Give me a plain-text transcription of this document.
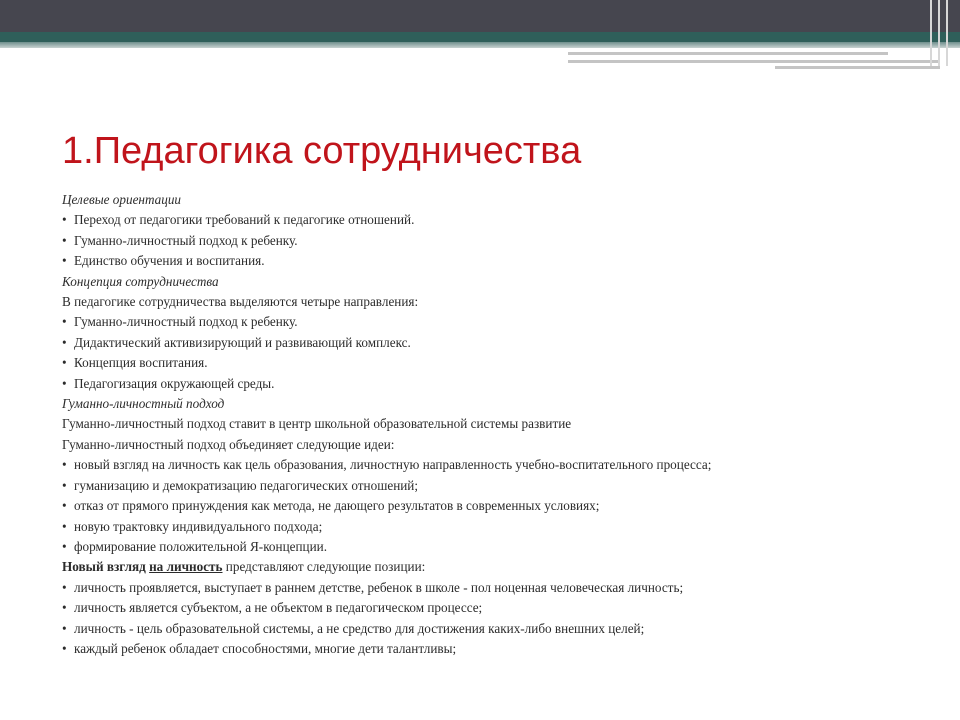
1.Педагогика сотрудничества
Целевые ориентации
• Переход от педагогики требований к педагогике отношений.
• Гуманно-личностный подход к ребенку.
• Единство обучения и воспитания.
Концепция сотрудничества
В педагогике сотрудничества выделяются четыре направления:
• Гуманно-личностный подход к ребенку.
• Дидактический активизирующий и развивающий комплекс.
• Концепция воспитания.
• Педагогизация окружающей среды.
Гуманно-личностный подход
Гуманно-личностный подход ставит в центр школьной образовательной системы развитие
Гуманно-личностный подход объединяет следующие идеи:
• новый взгляд на личность как цель образования, личностную направленность учебно-воспитательного процесса;
• гуманизацию и демократизацию педагогических отношений;
• отказ от прямого принуждения как метода, не дающего результатов в современных условиях;
• новую трактовку индивидуального подхода;
• формирование положительной Я-концепции.
Новый взгляд на личность представляют следующие позиции:
• личность проявляется, выступает в раннем детстве, ребенок в школе - пол ноценная человеческая личность;
• личность является субъектом, а не объектом в педагогическом процессе;
• личность - цель образовательной системы, а не средство для достижения каких-либо внешних целей;
• каждый ребенок обладает способностями, многие дети талантливы;
